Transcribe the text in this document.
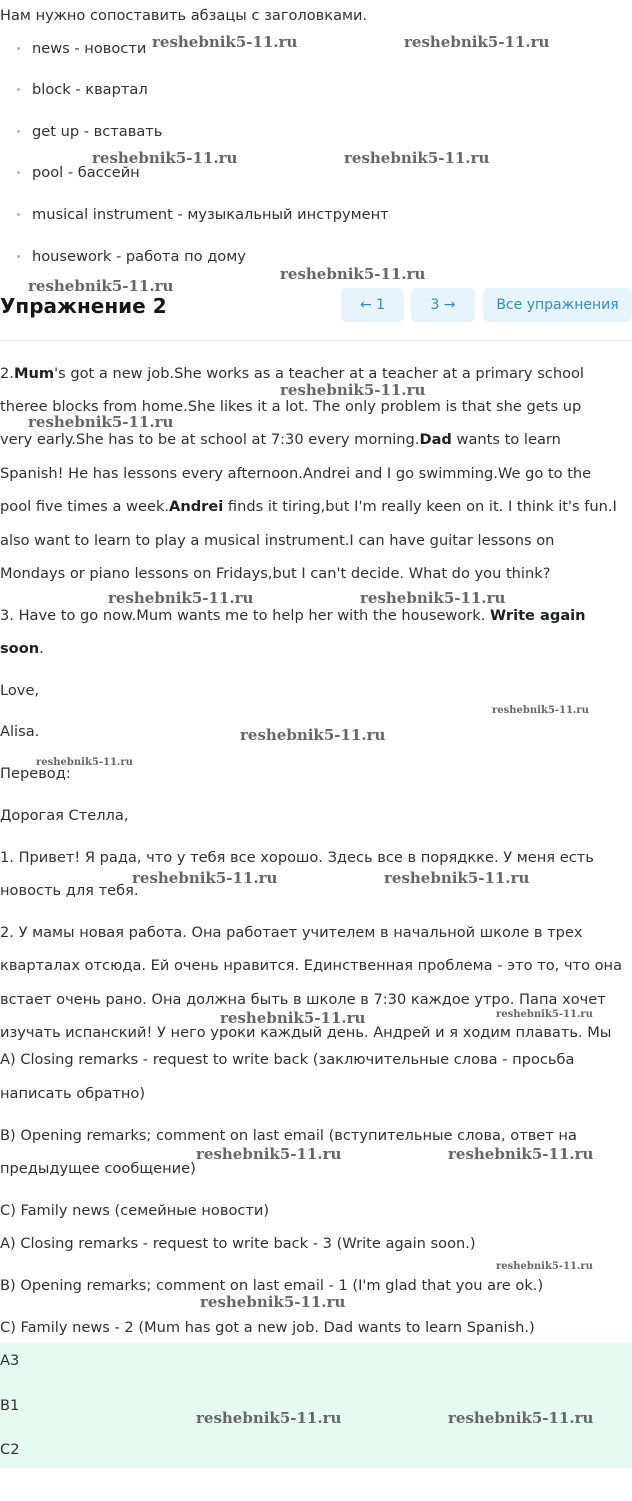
Нам нужно сопоставить абзацы с заголовками.
news - новости
block - квартал
get up - вставать
pool - бассейн
musical instrument - музыкальный инструмент
housework - работа по дому
Упражнение 2	← 1	3 →	Все упражнения
2.Mum's got a new job.She works as a teacher at a teacher at a primary school
theree blocks from home.She likes it a lot. The only problem is that she gets up
very early.She has to be at school at 7:30 every morning.Dad wants to learn
Spanish! He has lessons every afternoon.Andrei and I go swimming.We go to the
pool five times a week.Andrei finds it tiring,but I'm really keen on it. I think it's fun.I
also want to learn to play a musical instrument.I can have guitar lessons on
Mondays or piano lessons on Fridays,but I can't decide. What do you think?
3. Have to go now.Mum wants me to help her with the housework. Write again
soon.
Love,
Alisa.
Перевод:
Дорогая Стелла,
1. Привет! Я рада, что у тебя все хорошо. Здесь все в порядкке. У меня есть
новость для тебя.
2. У мамы новая работа. Она работает учителем в начальной школе в трех
кварталах отсюда. Ей очень нравится. Единственная проблема - это то, что она
встает очень рано. Она должна быть в школе в 7:30 каждое утро. Папа хочет
изучать испанский! У него уроки каждый день. Андрей и я ходим плавать. Мы
A) Closing remarks - request to write back (заключительные слова - просьба
написать обратно)
B) Opening remarks; comment on last email (вступительные слова, ответ на
предыдущее сообщение)
C) Family news (семейные новости)
A) Closing remarks - request to write back - 3 (Write again soon.)
B) Opening remarks; comment on last email - 1 (I'm glad that you are ok.)
C) Family news - 2 (Mum has got a new job. Dad wants to learn Spanish.)
A3
B1
C2
reshebnik5-11.ru	reshebnik5-11.ru
reshebnik5-11.ru	reshebnik5-11.ru
reshebnik5-11.ru
reshebnik5-11.ru
reshebnik5-11.ru
reshebnik5-11.ru
reshebnik5-11.ru	reshebnik5-11.ru
reshebnik5-11.ru
reshebnik5-11.ru
reshebnik5-11.ru
reshebnik5-11.ru	reshebnik5-11.ru
reshebnik5-11.ru	reshebnik5-11.ru
reshebnik5-11.ru	reshebnik5-11.ru
reshebnik5-11.ru
reshebnik5-11.ru
reshebnik5-11.ru	reshebnik5-11.ru
